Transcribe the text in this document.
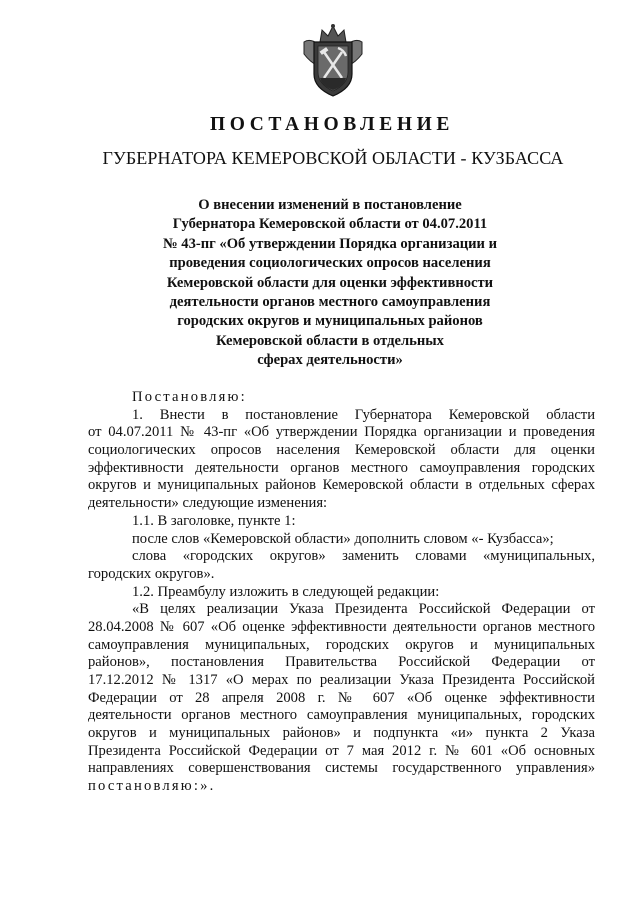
ПОСТАНОВЛЕНИЕ
ГУБЕРНАТОРА КЕМЕРОВСКОЙ ОБЛАСТИ - КУЗБАССА
О внесении изменений в постановление
Губернатора Кемеровской области от 04.07.2011
№ 43-пг «Об утверждении Порядка организации и
проведения социологических опросов населения
Кемеровской области для оценки эффективности
деятельности органов местного самоуправления
городских округов и муниципальных районов
Кемеровской области в отдельных
сферах деятельности»
Постановляю:
1. Внести в постановление Губернатора Кемеровской области
от 04.07.2011 № 43-пг «Об утверждении Порядка организации и проведения
социологических опросов населения Кемеровской области для оценки
эффективности деятельности органов местного самоуправления городских
округов и муниципальных районов Кемеровской области в отдельных сферах
деятельности» следующие изменения:
1.1. В заголовке, пункте 1:
после слов «Кемеровской области» дополнить словом «- Кузбасса»;
слова «городских округов» заменить словами «муниципальных,
городских округов».
1.2. Преамбулу изложить в следующей редакции:
«В целях реализации Указа Президента Российской Федерации от
28.04.2008 № 607 «Об оценке эффективности деятельности органов местного
самоуправления муниципальных, городских округов и муниципальных
районов», постановления Правительства Российской Федерации от
17.12.2012 № 1317 «О мерах по реализации Указа Президента Российской
Федерации от 28 апреля 2008 г. № 607 «Об оценке эффективности
деятельности органов местного самоуправления муниципальных, городских
округов и муниципальных районов» и подпункта «и» пункта 2 Указа
Президента Российской Федерации от 7 мая 2012 г. № 601 «Об основных
направлениях совершенствования системы государственного управления»
постановляю:».
